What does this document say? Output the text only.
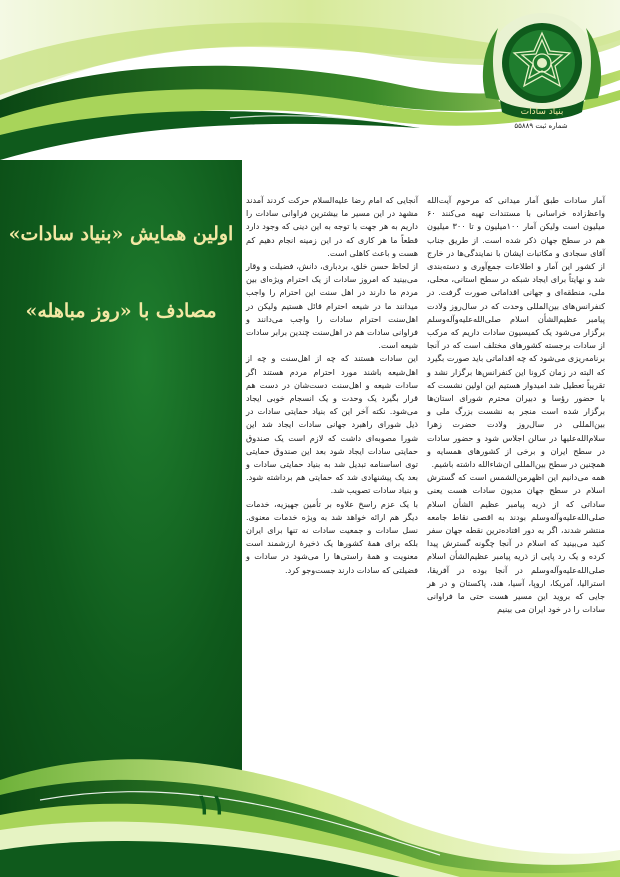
بنیاد سادات
شماره ثبت ۵۵۸۸۹
اولین همایش «بنیاد سادات»
مصادف با «روز مباهله»
۱۱

آمار سادات طبق آمار میدانی که مرحوم آیت‌الله واعظ‌زاده خراسانی با مستندات تهیه می‌کنند ۶۰ میلیون است ولیکن آمار ۱۰۰میلیون و تا ۳۰۰ میلیون هم در سطح جهان ذکر شده است. از طریق جناب آقای سجادی و مکاتبات ایشان با نمایندگی‌ها در خارج از کشور این آمار و اطلاعات جمع‌آوری و دسته‌بندی شد و نهایتاً برای ایجاد شبکه در سطح استانی، محلی، ملی، منطقه‌ای و جهانی اقداماتی صورت گرفت. در کنفرانس‌های بین‌المللی وحدت که در سال‌روز ولادت پیامبر عظیم‌الشأن اسلام صلی‌الله‌علیه‌وآله‌وسلم برگزار می‌شود یک کمیسیون سادات داریم که مرکب از سادات برجسته کشورهای مختلف است که در آنجا برنامه‌ریزی می‌شود که چه اقداماتی باید صورت بگیرد که البته در زمان کرونا این کنفرانس‌ها برگزار نشد و تقریباً تعطیل شد امیدوار هستیم این اولین نشست که با حضور رؤسا و دبیران محترم شورای استان‌ها برگزار شده است منجر به نشست بزرگ ملی و بین‌المللی در سال‌روز ولادت حضرت زهرا سلام‌الله‌علیها در سالن اجلاس شود و حضور سادات در سطح ایران و برخی از کشورهای همسایه و همچنین در سطح بین‌المللی ان‌شاءالله داشته باشیم.

همه می‌دانیم این اظهرمن‌الشمس است که گسترش اسلام در سطح جهان مدیون سادات هست یعنی ساداتی که از ذریه پیامبر عظیم الشأن اسلام صلی‌الله‌علیه‌وآله‌وسلم بودند به اقصی نقاط جامعه منتشر شدند، اگر به دور افتاده‌ترین نقطه جهان سفر کنید می‌بینید که اسلام در آنجا چگونه گسترش پیدا کرده و یک رد پایی از ذریه پیامبر عظیم‌الشأن اسلام صلی‌الله‌علیه‌وآله‌وسلم در آنجا بوده در آفریقا، استرالیا، آمریکا، اروپا، آسیا، هند، پاکستان و در هر جایی که بروید این مسیر هست حتی ما فراوانی سادات را در خود ایران می بینیم

آنجایی که امام رضا علیه‌السلام حرکت کردند آمدند مشهد در این مسیر ما بیشترین فراوانی سادات را داریم به هر جهت با توجه به این دینی که وجود دارد قطعاً ما هر کاری که در این زمینه انجام دهیم کم هست و باعث کاهلی است.

از لحاظ حسن خلق، بردباری، دانش، فضیلت و وقار می‌بینید که امروز سادات از یک احترام ویژه‌ای بین مردم ما دارند در اهل سنت این احترام را واجب میدانند ما در شیعه احترام قائل هستیم ولیکن در اهل‌سنت احترام سادات را واجب می‌دانند و فراوانی سادات هم در اهل‌سنت چندین برابر سادات شیعه است.

این سادات هستند که چه از اهل‌سنت و چه از اهل‌شیعه باشند مورد احترام مردم هستند اگر سادات شیعه و اهل‌سنت دست‌شان در دست هم قرار بگیرد یک وحدت و یک انسجام خوبی ایجاد می‌شود. نکته آخر این که بنیاد حمایتی سادات در ذیل شورای راهبرد جهانی سادات ایجاد شد این شورا مصوبه‌ای داشت که لازم است یک صندوق حمایتی سادات ایجاد شود بعد این صندوق حمایتی توی اساسنامه تبدیل شد به بنیاد حمایتی سادات و بعد یک پیشنهادی شد که حمایتی هم برداشته شود. و بنیاد سادات تصویب شد.

با یک عزم راسخ علاوه بر تأمین جهیزیه، خدمات دیگر هم ارائه خواهد شد به ویژه خدمات معنوی. نسل سادات و جمعیت سادات نه تنها برای ایران بلکه برای همهٔ کشورها یک ذخیرهٔ ارزشمند است معنویت و همهٔ راستی‌ها را می‌شود در سادات و فضیلتی که سادات دارند جست‌وجو کرد.
